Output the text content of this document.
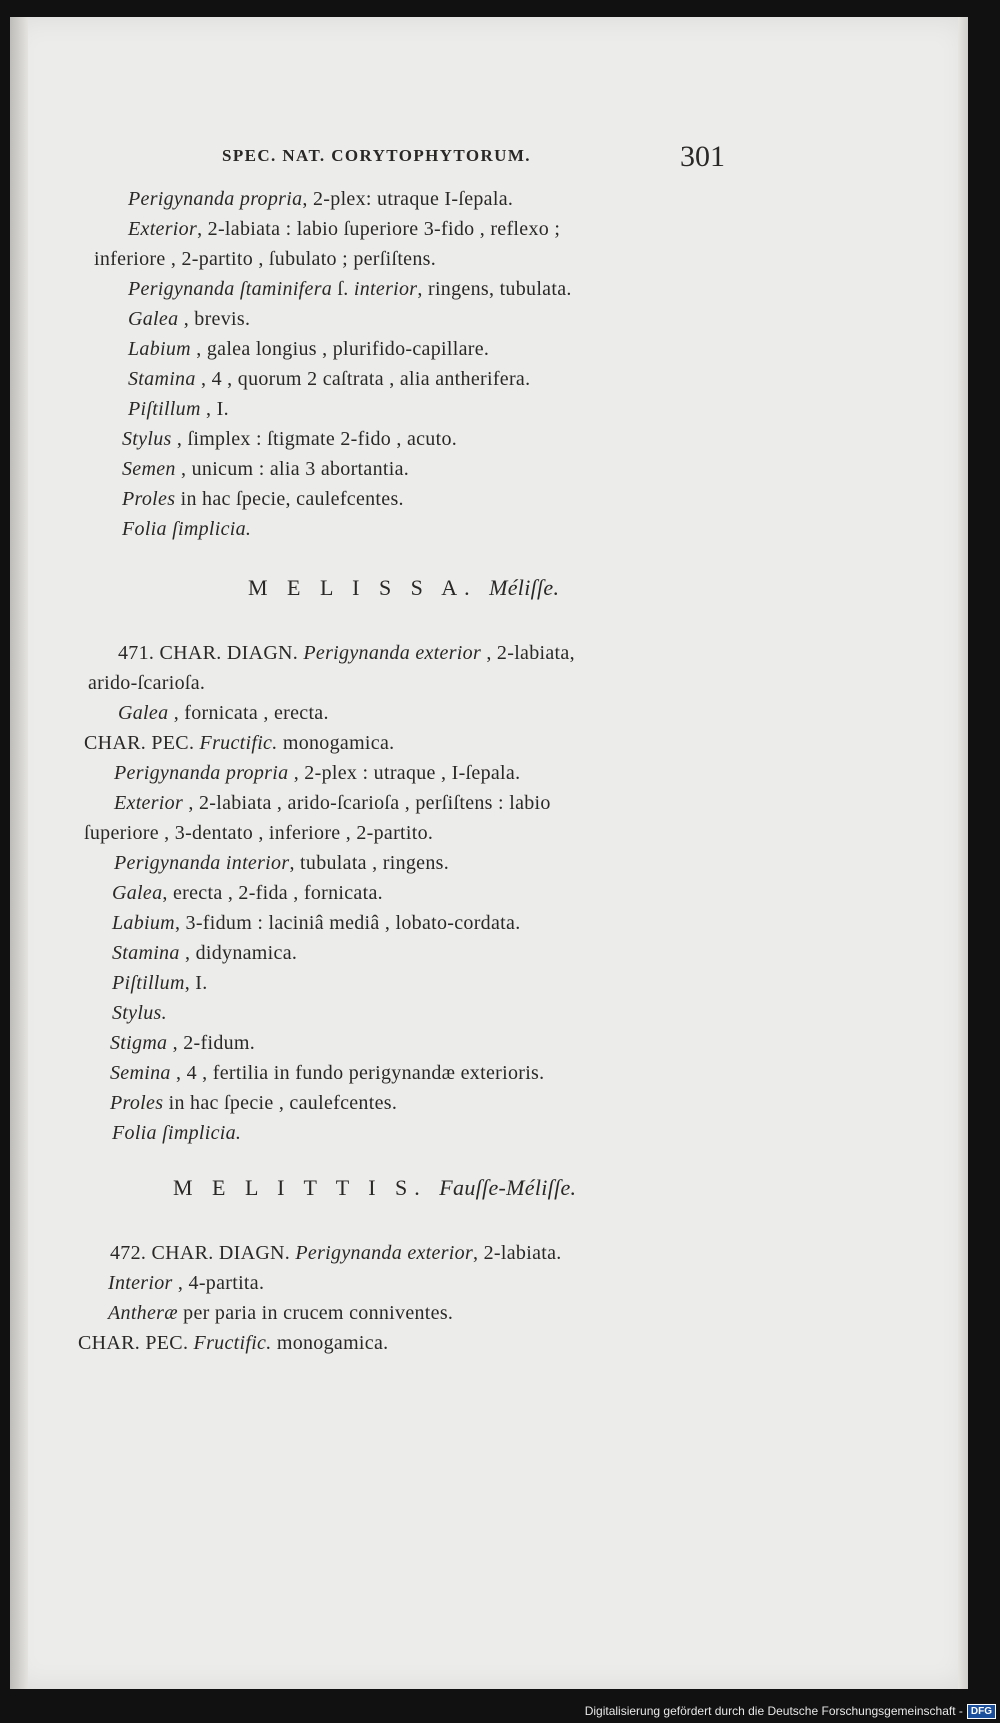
SPEC. NAT. CORYTOPHYTORUM.	301
Perigynanda propria, 2-plex: utraque I-ſepala.
Exterior, 2-labiata : labio ſuperiore 3-fido , reflexo ;
inferiore , 2-partito , ſubulato ; perſiſtens.
Perigynanda ſtaminifera ſ. interior, ringens, tubulata.
Galea , brevis.
Labium , galea longius , plurifido-capillare.
Stamina , 4 , quorum 2 caſtrata , alia antherifera.
Piſtillum , I.
Stylus , ſimplex : ſtigmate 2-fido , acuto.
Semen , unicum : alia 3 abortantia.
Proles in hac ſpecie, caulefcentes.
Folia ſimplicia.
M E L I S S A. Méliſſe.
471. CHAR. DIAGN. Perigynanda exterior , 2-labiata,
arido-ſcarioſa.
Galea , fornicata , erecta.
CHAR. PEC. Fructific. monogamica.
Perigynanda propria , 2-plex : utraque , I-ſepala.
Exterior , 2-labiata , arido-ſcarioſa , perſiſtens : labio
ſuperiore , 3-dentato , inferiore , 2-partito.
Perigynanda interior, tubulata , ringens.
Galea, erecta , 2-fida , fornicata.
Labium, 3-fidum : laciniâ mediâ , lobato-cordata.
Stamina , didynamica.
Piſtillum, I.
Stylus.
Stigma , 2-fidum.
Semina , 4 , fertilia in fundo perigynandæ exterioris.
Proles in hac ſpecie , caulefcentes.
Folia ſimplicia.
M E L I T T I S. Fauſſe-Méliſſe.
472. CHAR. DIAGN. Perigynanda exterior, 2-labiata.
Interior , 4-partita.
Antheræ per paria in crucem conniventes.
CHAR. PEC. Fructific. monogamica.
Digitalisierung gefördert durch die Deutsche Forschungsgemeinschaft - DFG
